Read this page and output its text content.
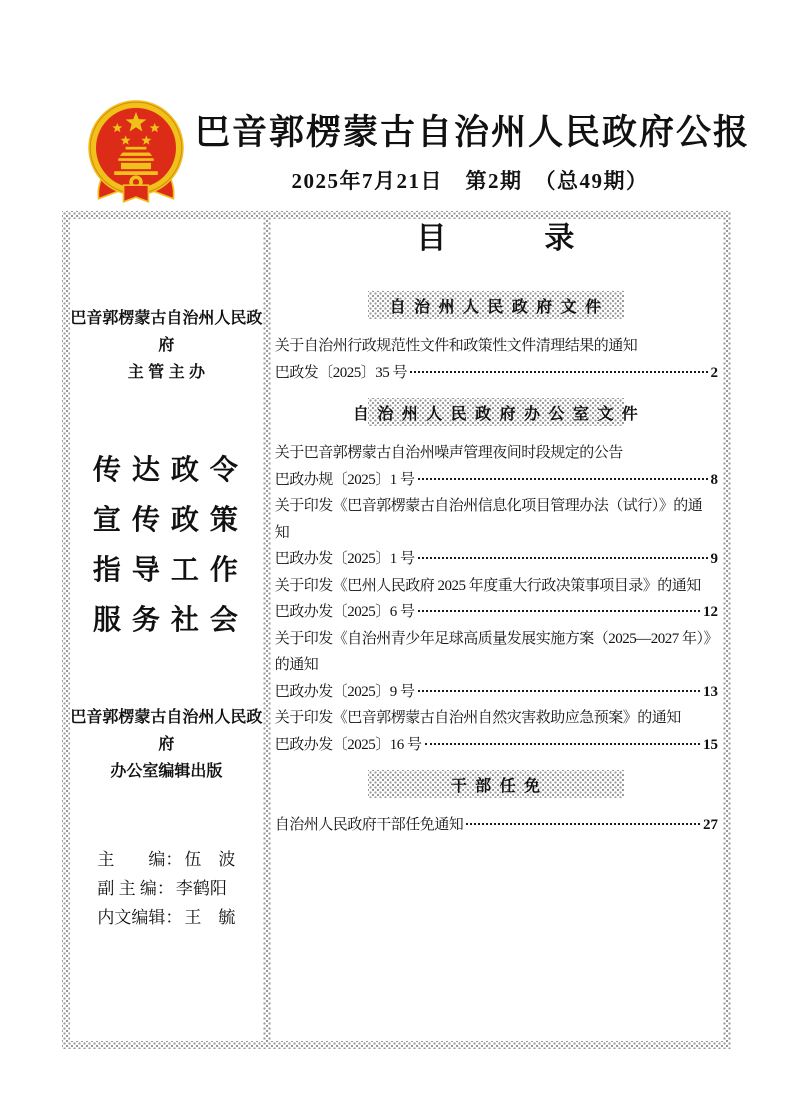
巴音郭楞蒙古自治州人民政府公报
2025年7月21日　第2期　（总49期）
巴音郭楞蒙古自治州人民政府
主 管 主 办
传 达 政 令
宣 传 政 策
指 导 工 作
服 务 社 会
巴音郭楞蒙古自治州人民政府
办公室编辑出版
主　　编： 伍　波
副 主 编： 李鹤阳
内文编辑： 王　毓
目　　　录
自 治 州 人 民 政 府 文 件
关于自治州行政规范性文件和政策性文件清理结果的通知
巴政发〔2025〕35 号	2
自 治 州 人 民 政 府 办 公 室 文 件
关于巴音郭楞蒙古自治州噪声管理夜间时段规定的公告
巴政办规〔2025〕1 号	8
关于印发《巴音郭楞蒙古自治州信息化项目管理办法（试行）》的通
知
巴政办发〔2025〕1 号	9
关于印发《巴州人民政府 2025 年度重大行政决策事项目录》的通知
巴政办发〔2025〕6 号	12
关于印发《自治州青少年足球高质量发展实施方案（2025—2027 年）》
的通知
巴政办发〔2025〕9 号	13
关于印发《巴音郭楞蒙古自治州自然灾害救助应急预案》的通知
巴政办发〔2025〕16 号	15
干 部 任 免
自治州人民政府干部任免通知	27
